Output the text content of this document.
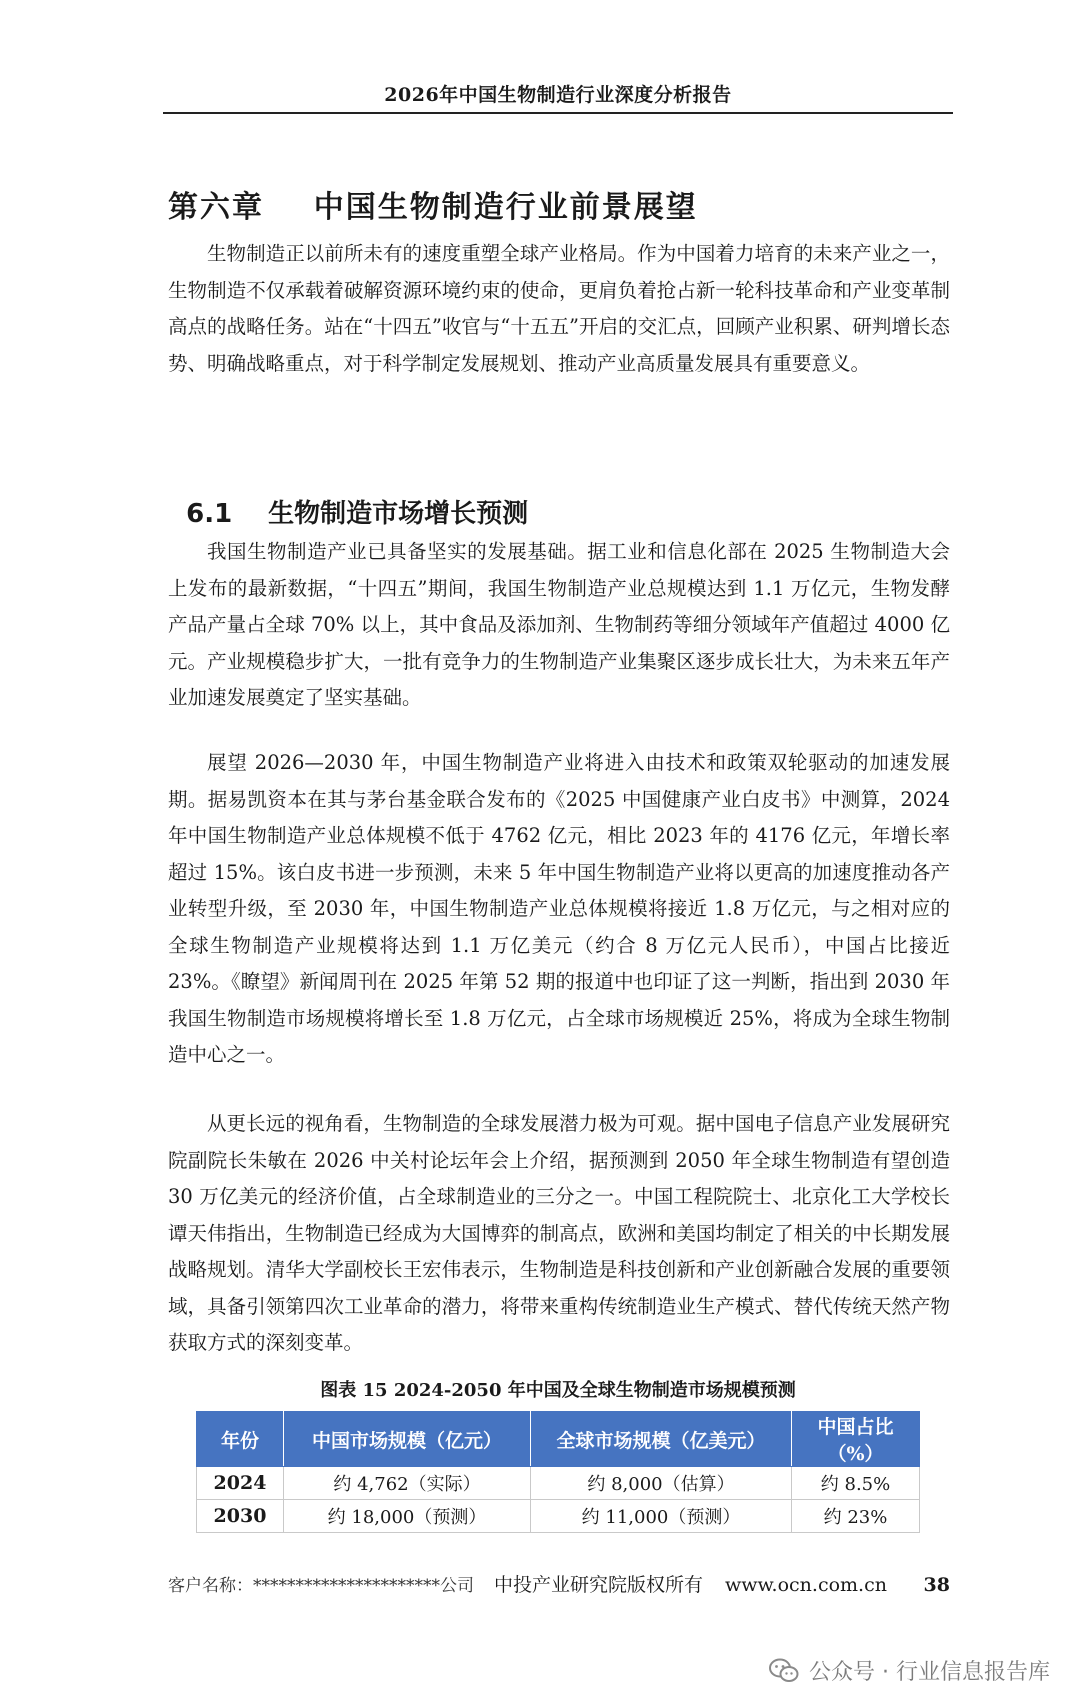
2026年中国生物制造行业深度分析报告
第六章    中国生物制造行业前景展望

生物制造正以前所未有的速度重塑全球产业格局。作为中国着力培育的未来产业之一，生物制造不仅承载着破解资源环境约束的使命，更肩负着抢占新一轮科技革命和产业变革制高点的战略任务。站在“十四五”收官与“十五五”开启的交汇点，回顾产业积累、研判增长态势、明确战略重点，对于科学制定发展规划、推动产业高质量发展具有重要意义。

6.1 生物制造市场增长预测

我国生物制造产业已具备坚实的发展基础。据工业和信息化部在 2025 生物制造大会上发布的最新数据，“十四五”期间，我国生物制造产业总规模达到 1.1 万亿元，生物发酵产品产量占全球 70% 以上，其中食品及添加剂、生物制药等细分领域年产值超过 4000 亿元。产业规模稳步扩大，一批有竞争力的生物制造产业集聚区逐步成长壮大，为未来五年产业加速发展奠定了坚实基础。

展望 2026—2030 年，中国生物制造产业将进入由技术和政策双轮驱动的加速发展期。据易凯资本在其与茅台基金联合发布的《2025 中国健康产业白皮书》中测算，2024 年中国生物制造产业总体规模不低于 4762 亿元，相比 2023 年的 4176 亿元，年增长率超过 15%。该白皮书进一步预测，未来 5 年中国生物制造产业将以更高的加速度推动各产业转型升级，至 2030 年，中国生物制造产业总体规模将接近 1.8 万亿元，与之相对应的全球生物制造产业规模将达到 1.1 万亿美元（约合 8 万亿元人民币），中国占比接近 23%。《瞭望》新闻周刊在 2025 年第 52 期的报道中也印证了这一判断，指出到 2030 年我国生物制造市场规模将增长至 1.8 万亿元，占全球市场规模近 25%，将成为全球生物制造中心之一。

从更长远的视角看，生物制造的全球发展潜力极为可观。据中国电子信息产业发展研究院副院长朱敏在 2026 中关村论坛年会上介绍，据预测到 2050 年全球生物制造有望创造 30 万亿美元的经济价值，占全球制造业的三分之一。中国工程院院士、北京化工大学校长谭天伟指出，生物制造已经成为大国博弈的制高点，欧洲和美国均制定了相关的中长期发展战略规划。清华大学副校长王宏伟表示，生物制造是科技创新和产业创新融合发展的重要领域，具备引领第四次工业革命的潜力，将带来重构传统制造业生产模式、替代传统天然产物获取方式的深刻变革。

图表 15 2024-2050 年中国及全球生物制造市场规模预测
年份	中国市场规模（亿元）	全球市场规模（亿美元）	中国占比（%）
2024	约 4,762（实际）	约 8,000（估算）	约 8.5%
2030	约 18,000（预测）	约 11,000（预测）	约 23%
客户名称：**********************公司 中投产业研究院版权所有 www.ocn.com.cn 38
公众号 · 行业信息报告库
